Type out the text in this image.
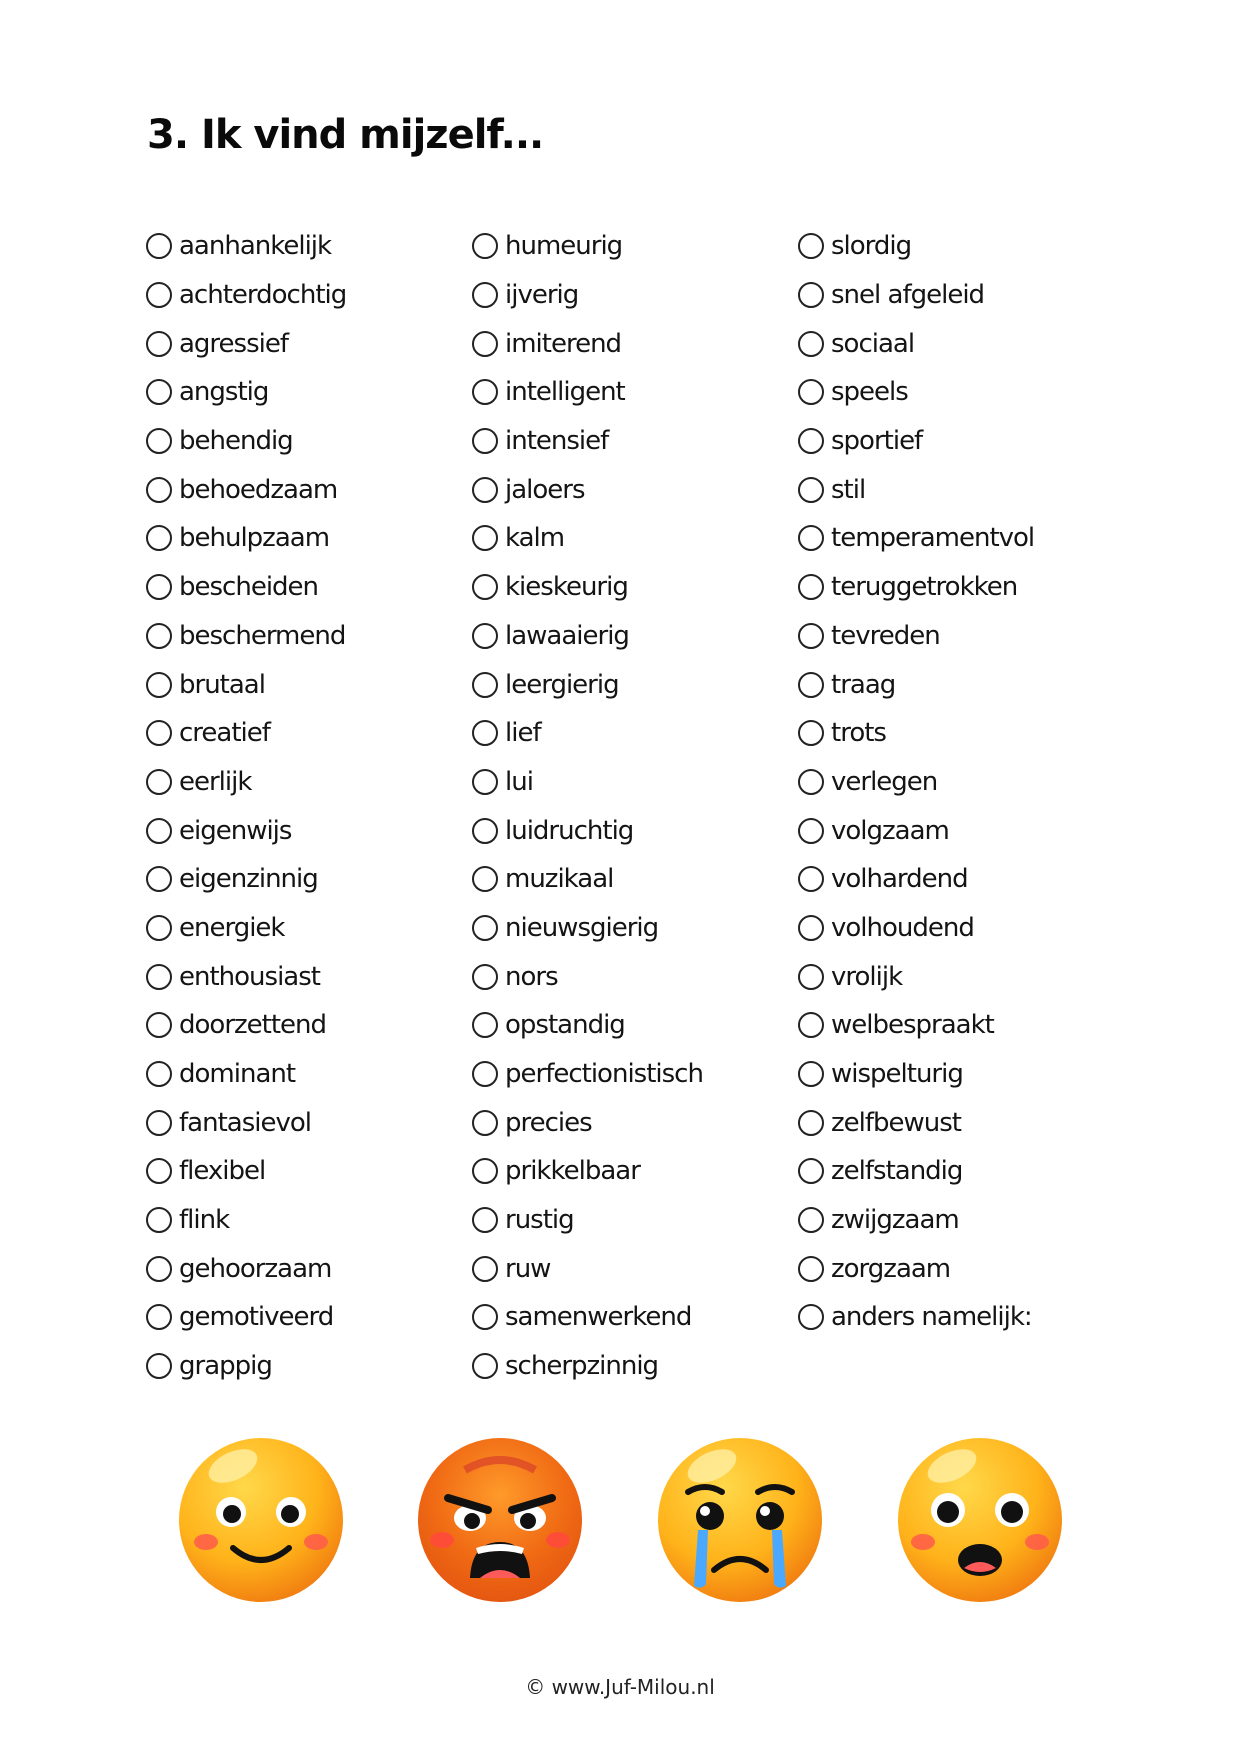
3. Ik vind mijzelf...
aanhankelijk
achterdochtig
agressief
angstig
behendig
behoedzaam
behulpzaam
bescheiden
beschermend
brutaal
creatief
eerlijk
eigenwijs
eigenzinnig
energiek
enthousiast
doorzettend
dominant
fantasievol
flexibel
flink
gehoorzaam
gemotiveerd
grappig
humeurig
ijverig
imiterend
intelligent
intensief
jaloers
kalm
kieskeurig
lawaaierig
leergierig
lief
lui
luidruchtig
muzikaal
nieuwsgierig
nors
opstandig
perfectionistisch
precies
prikkelbaar
rustig
ruw
samenwerkend
scherpzinnig
slordig
snel afgeleid
sociaal
speels
sportief
stil
temperamentvol
teruggetrokken
tevreden
traag
trots
verlegen
volgzaam
volhardend
volhoudend
vrolijk
welbespraakt
wispelturig
zelfbewust
zelfstandig
zwijgzaam
zorgzaam
anders namelijk:
© www.Juf-Milou.nl
